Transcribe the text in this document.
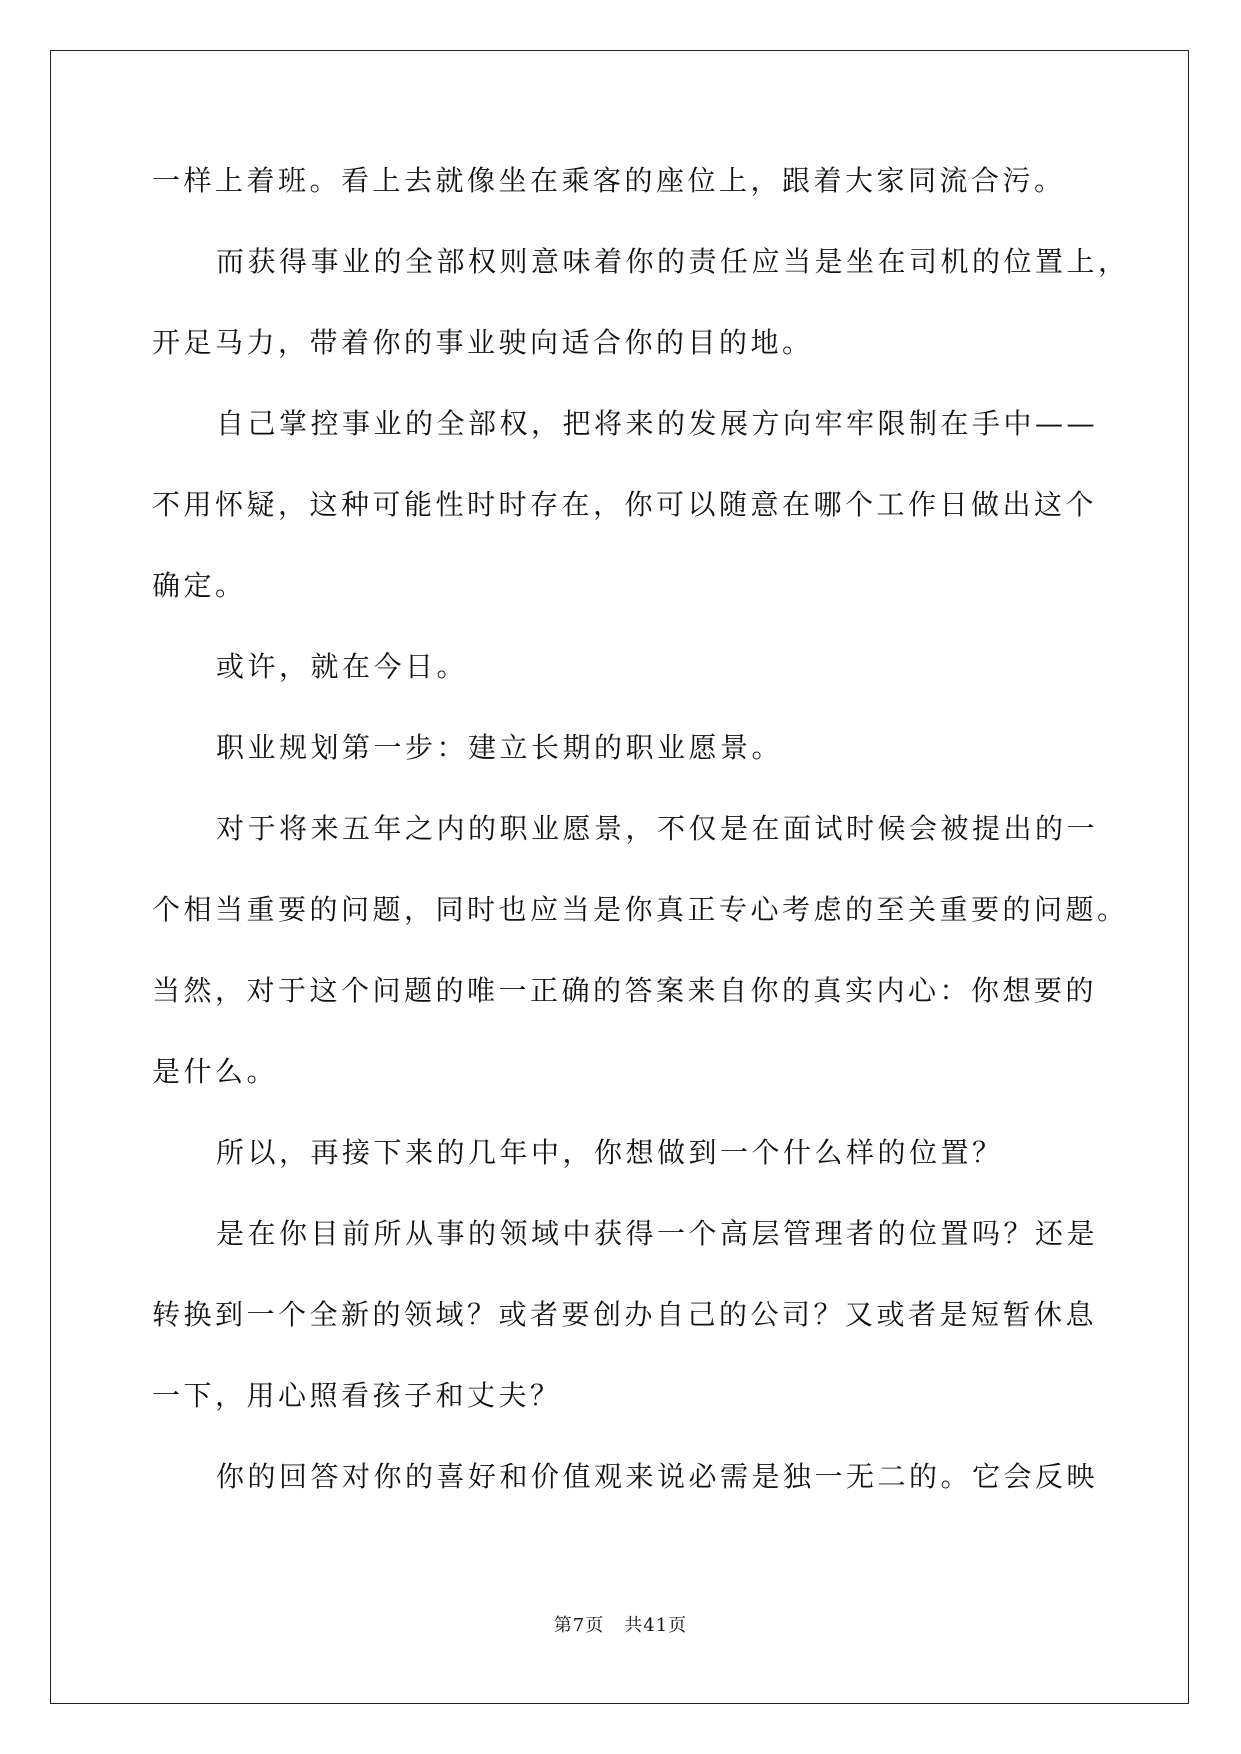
一样上着班。看上去就像坐在乘客的座位上，跟着大家同流合污。
而获得事业的全部权则意味着你的责任应当是坐在司机的位置上，
开足马力，带着你的事业驶向适合你的目的地。
自己掌控事业的全部权，把将来的发展方向牢牢限制在手中——
不用怀疑，这种可能性时时存在，你可以随意在哪个工作日做出这个
确定。
或许，就在今日。
职业规划第一步：建立长期的职业愿景。
对于将来五年之内的职业愿景，不仅是在面试时候会被提出的一
个相当重要的问题，同时也应当是你真正专心考虑的至关重要的问题。
当然，对于这个问题的唯一正确的答案来自你的真实内心：你想要的
是什么。
所以，再接下来的几年中，你想做到一个什么样的位置？
是在你目前所从事的领域中获得一个高层管理者的位置吗？还是
转换到一个全新的领域？或者要创办自己的公司？又或者是短暂休息
一下，用心照看孩子和丈夫？
你的回答对你的喜好和价值观来说必需是独一无二的。它会反映
第7页 共41页
